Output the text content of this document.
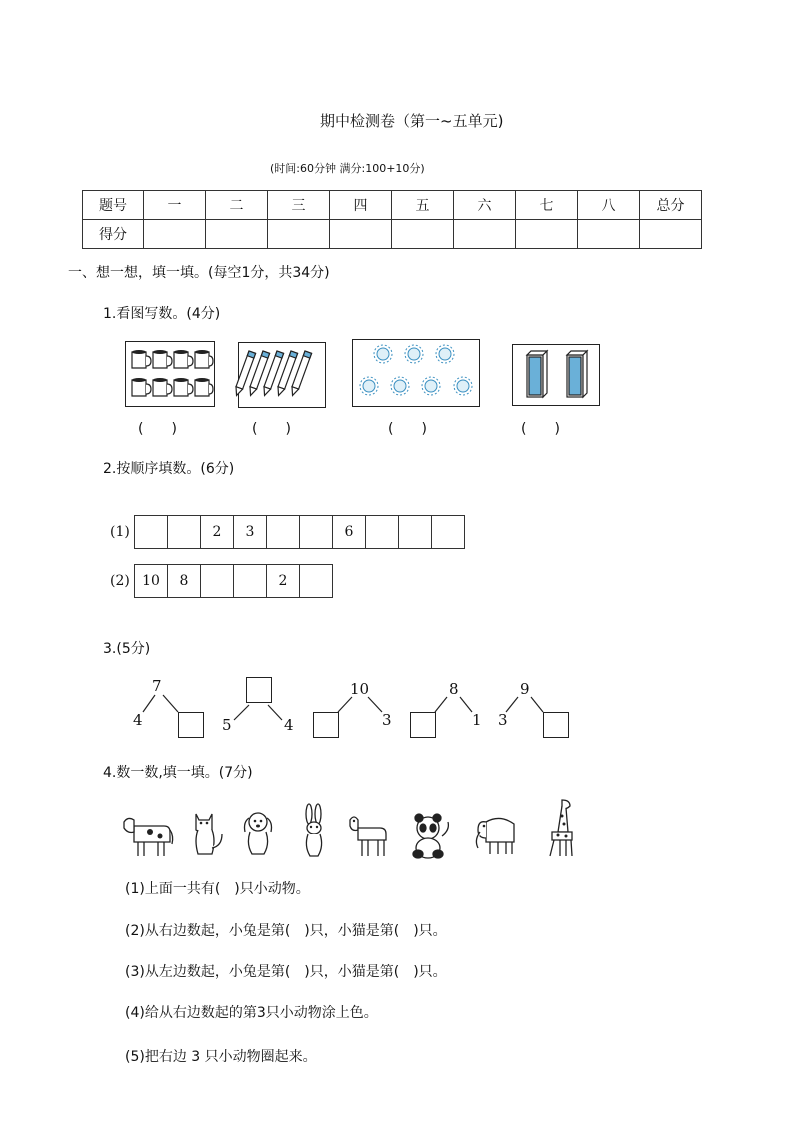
期中检测卷（第一~五单元)
(时间:60分钟 满分:100+10分)
题号	一	二	三	四	五	六	七	八	总分
得分									
一、想一想，填一填。(每空1分，共34分)
1.看图写数。(4分)
(　　)	(　　)	(　　)	(　　)
2.按顺序填数。(6分)
(1)	2	3	6
(2) 10	8	2
3.(5分)
7
4	5	4
10
3
8
1
9
3
4.数一数,填一填。(7分)
(1)上面一共有(　)只小动物。
(2)从右边数起，小兔是第(　)只，小猫是第(　)只。
(3)从左边数起，小兔是第(　)只，小猫是第(　)只。
(4)给从右边数起的第3只小动物涂上色。
(5)把右边 3 只小动物圈起来。
